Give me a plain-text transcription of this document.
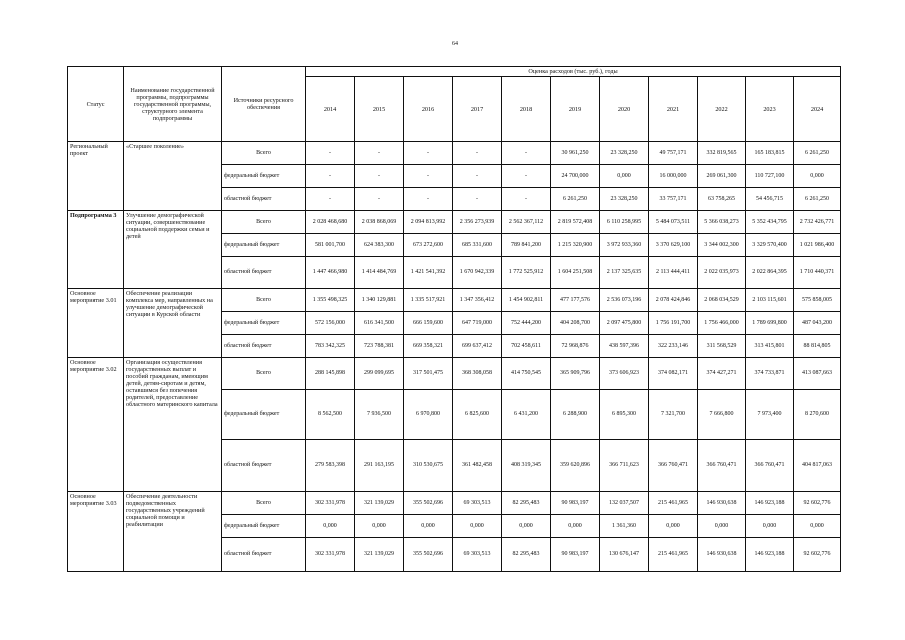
64
Статус	Наименование государственной программы, подпрограммы государственной программы, структурного элемента подпрограммы	Источники ресурсного обеспечения	Оценка расходов (тыс. руб.), годы										
			2014	2015	2016	2017	2018	2019	2020	2021	2022	2023	2024
Региональный проект	«Старшее поколение»	Всего	-	-	-	-	-	30 961,250	23 328,250	49 757,171	332 819,565	165 183,815	6 261,250
		федеральный бюджет	-	-	-	-	-	24 700,000	0,000	16 000,000	269 061,300	110 727,100	0,000
		областной бюджет	-	-	-	-	-	6 261,250	23 328,250	33 757,171	63 758,265	54 456,715	6 261,250
Подпрограмма 3	Улучшение демографической ситуации, совершенствование социальной поддержки семьи и детей	Всего	2 028 468,680	2 038 868,069	2 094 813,992	2 356 273,939	2 562 367,112	2 819 572,408	6 110 258,995	5 484 073,511	5 366 038,273	5 352 434,795	2 732 426,771
		федеральный бюджет	581 001,700	624 383,300	673 272,600	685 331,600	789 841,200	1 215 320,900	3 972 933,360	3 370 629,100	3 344 002,300	3 329 570,400	1 021 986,400
		областной бюджет	1 447 466,980	1 414 484,769	1 421 541,392	1 670 942,339	1 772 525,912	1 604 251,508	2 137 325,635	2 113 444,411	2 022 035,973	2 022 864,395	1 710 440,371
Основное мероприятие 3.01	Обеспечение реализации комплекса мер, направленных на улучшение демографической ситуации в Курской области	Всего	1 355 498,325	1 340 129,881	1 335 517,921	1 347 356,412	1 454 902,811	477 177,576	2 536 073,196	2 078 424,846	2 068 034,529	2 103 115,601	575 858,005
		федеральный бюджет	572 156,000	616 341,500	666 159,600	647 719,000	752 444,200	404 208,700	2 097 475,800	1 756 191,700	1 756 466,000	1 789 699,800	487 043,200
		областной бюджет	783 342,325	723 788,381	669 358,321	699 637,412	702 458,611	72 968,876	438 597,396	322 233,146	311 568,529	313 415,801	88 814,805
Основное мероприятие 3.02	Организация осуществления государственных выплат и пособий гражданам, имеющим детей, детям-сиротам и детям, оставшимся без попечения родителей, предоставление областного материнского капитала	Всего	288 145,898	299 099,695	317 501,475	368 308,058	414 750,545	365 909,796	373 606,923	374 082,171	374 427,271	374 733,871	413 087,663
		федеральный бюджет	8 562,500	7 936,500	6 970,800	6 825,600	6 431,200	6 288,900	6 895,300	7 321,700	7 666,800	7 973,400	8 270,600
		областной бюджет	279 583,398	291 163,195	310 530,675	361 482,458	408 319,345	359 620,896	366 711,623	366 760,471	366 760,471	366 760,471	404 817,063
Основное мероприятие 3.03	Обеспечение деятельности подведомственных государственных учреждений социальной помощи и реабилитации	Всего	302 331,978	321 139,029	355 502,696	69 303,513	82 295,483	90 983,197	132 037,507	215 461,965	146 930,638	146 923,188	92 602,776
		федеральный бюджет	0,000	0,000	0,000	0,000	0,000	0,000	1 361,360	0,000	0,000	0,000	0,000
		областной бюджет	302 331,978	321 139,029	355 502,696	69 303,513	82 295,483	90 983,197	130 676,147	215 461,965	146 930,638	146 923,188	92 602,776
